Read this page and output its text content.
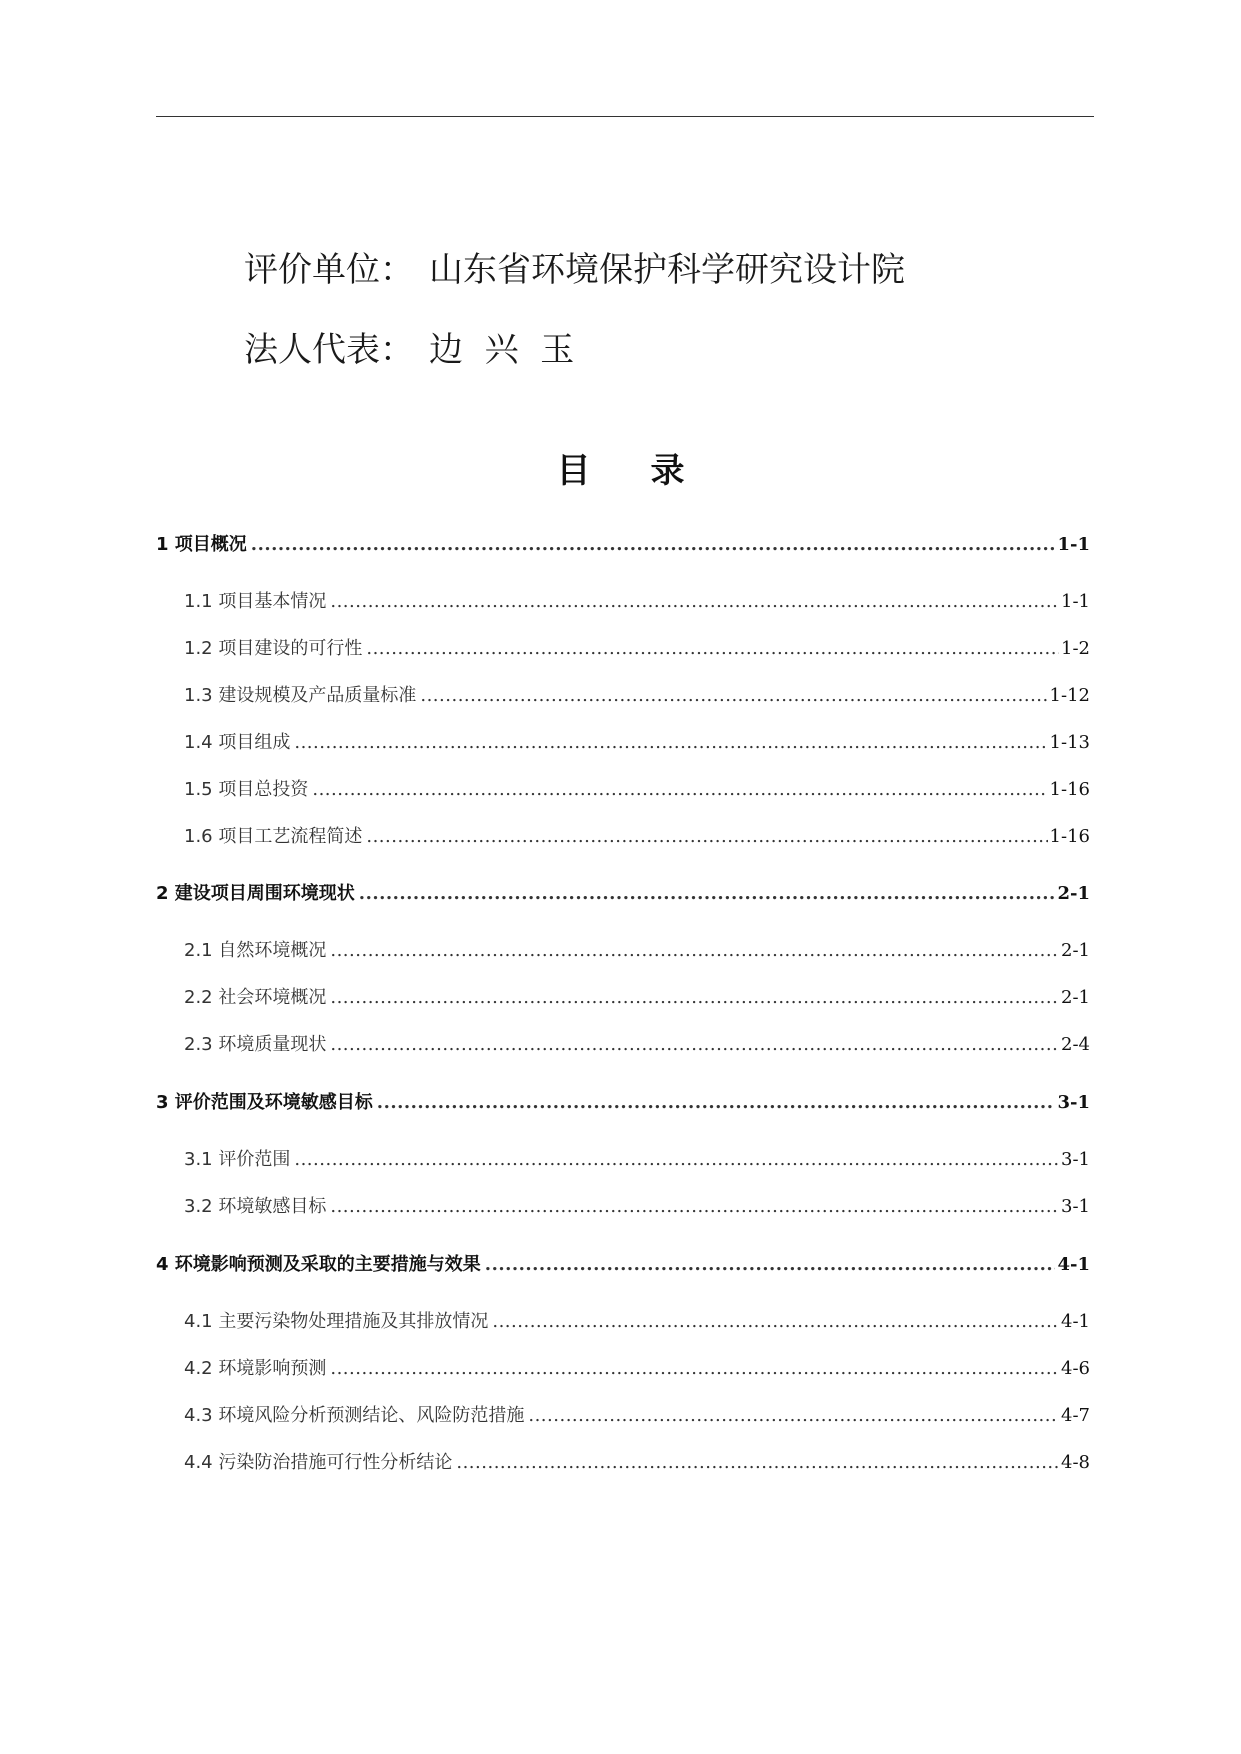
评价单位： 山东省环境保护科学研究设计院
法人代表： 边  兴  玉
目 录
1 项目概况 .....	1-1
1.1 项目基本情况 .....	1-1
1.2 项目建设的可行性 .....	1-2
1.3 建设规模及产品质量标准 .....	1-12
1.4 项目组成 .....	1-13
1.5 项目总投资 .....	1-16
1.6 项目工艺流程简述 .....	1-16
2 建设项目周围环境现状 .....	2-1
2.1 自然环境概况 .....	2-1
2.2 社会环境概况 .....	2-1
2.3 环境质量现状 .....	2-4
3 评价范围及环境敏感目标 .....	3-1
3.1 评价范围 .....	3-1
3.2 环境敏感目标 .....	3-1
4 环境影响预测及采取的主要措施与效果 .....	4-1
4.1 主要污染物处理措施及其排放情况 .....	4-1
4.2 环境影响预测 .....	4-6
4.3 环境风险分析预测结论、风险防范措施 .....	4-7
4.4 污染防治措施可行性分析结论 .....	4-8
